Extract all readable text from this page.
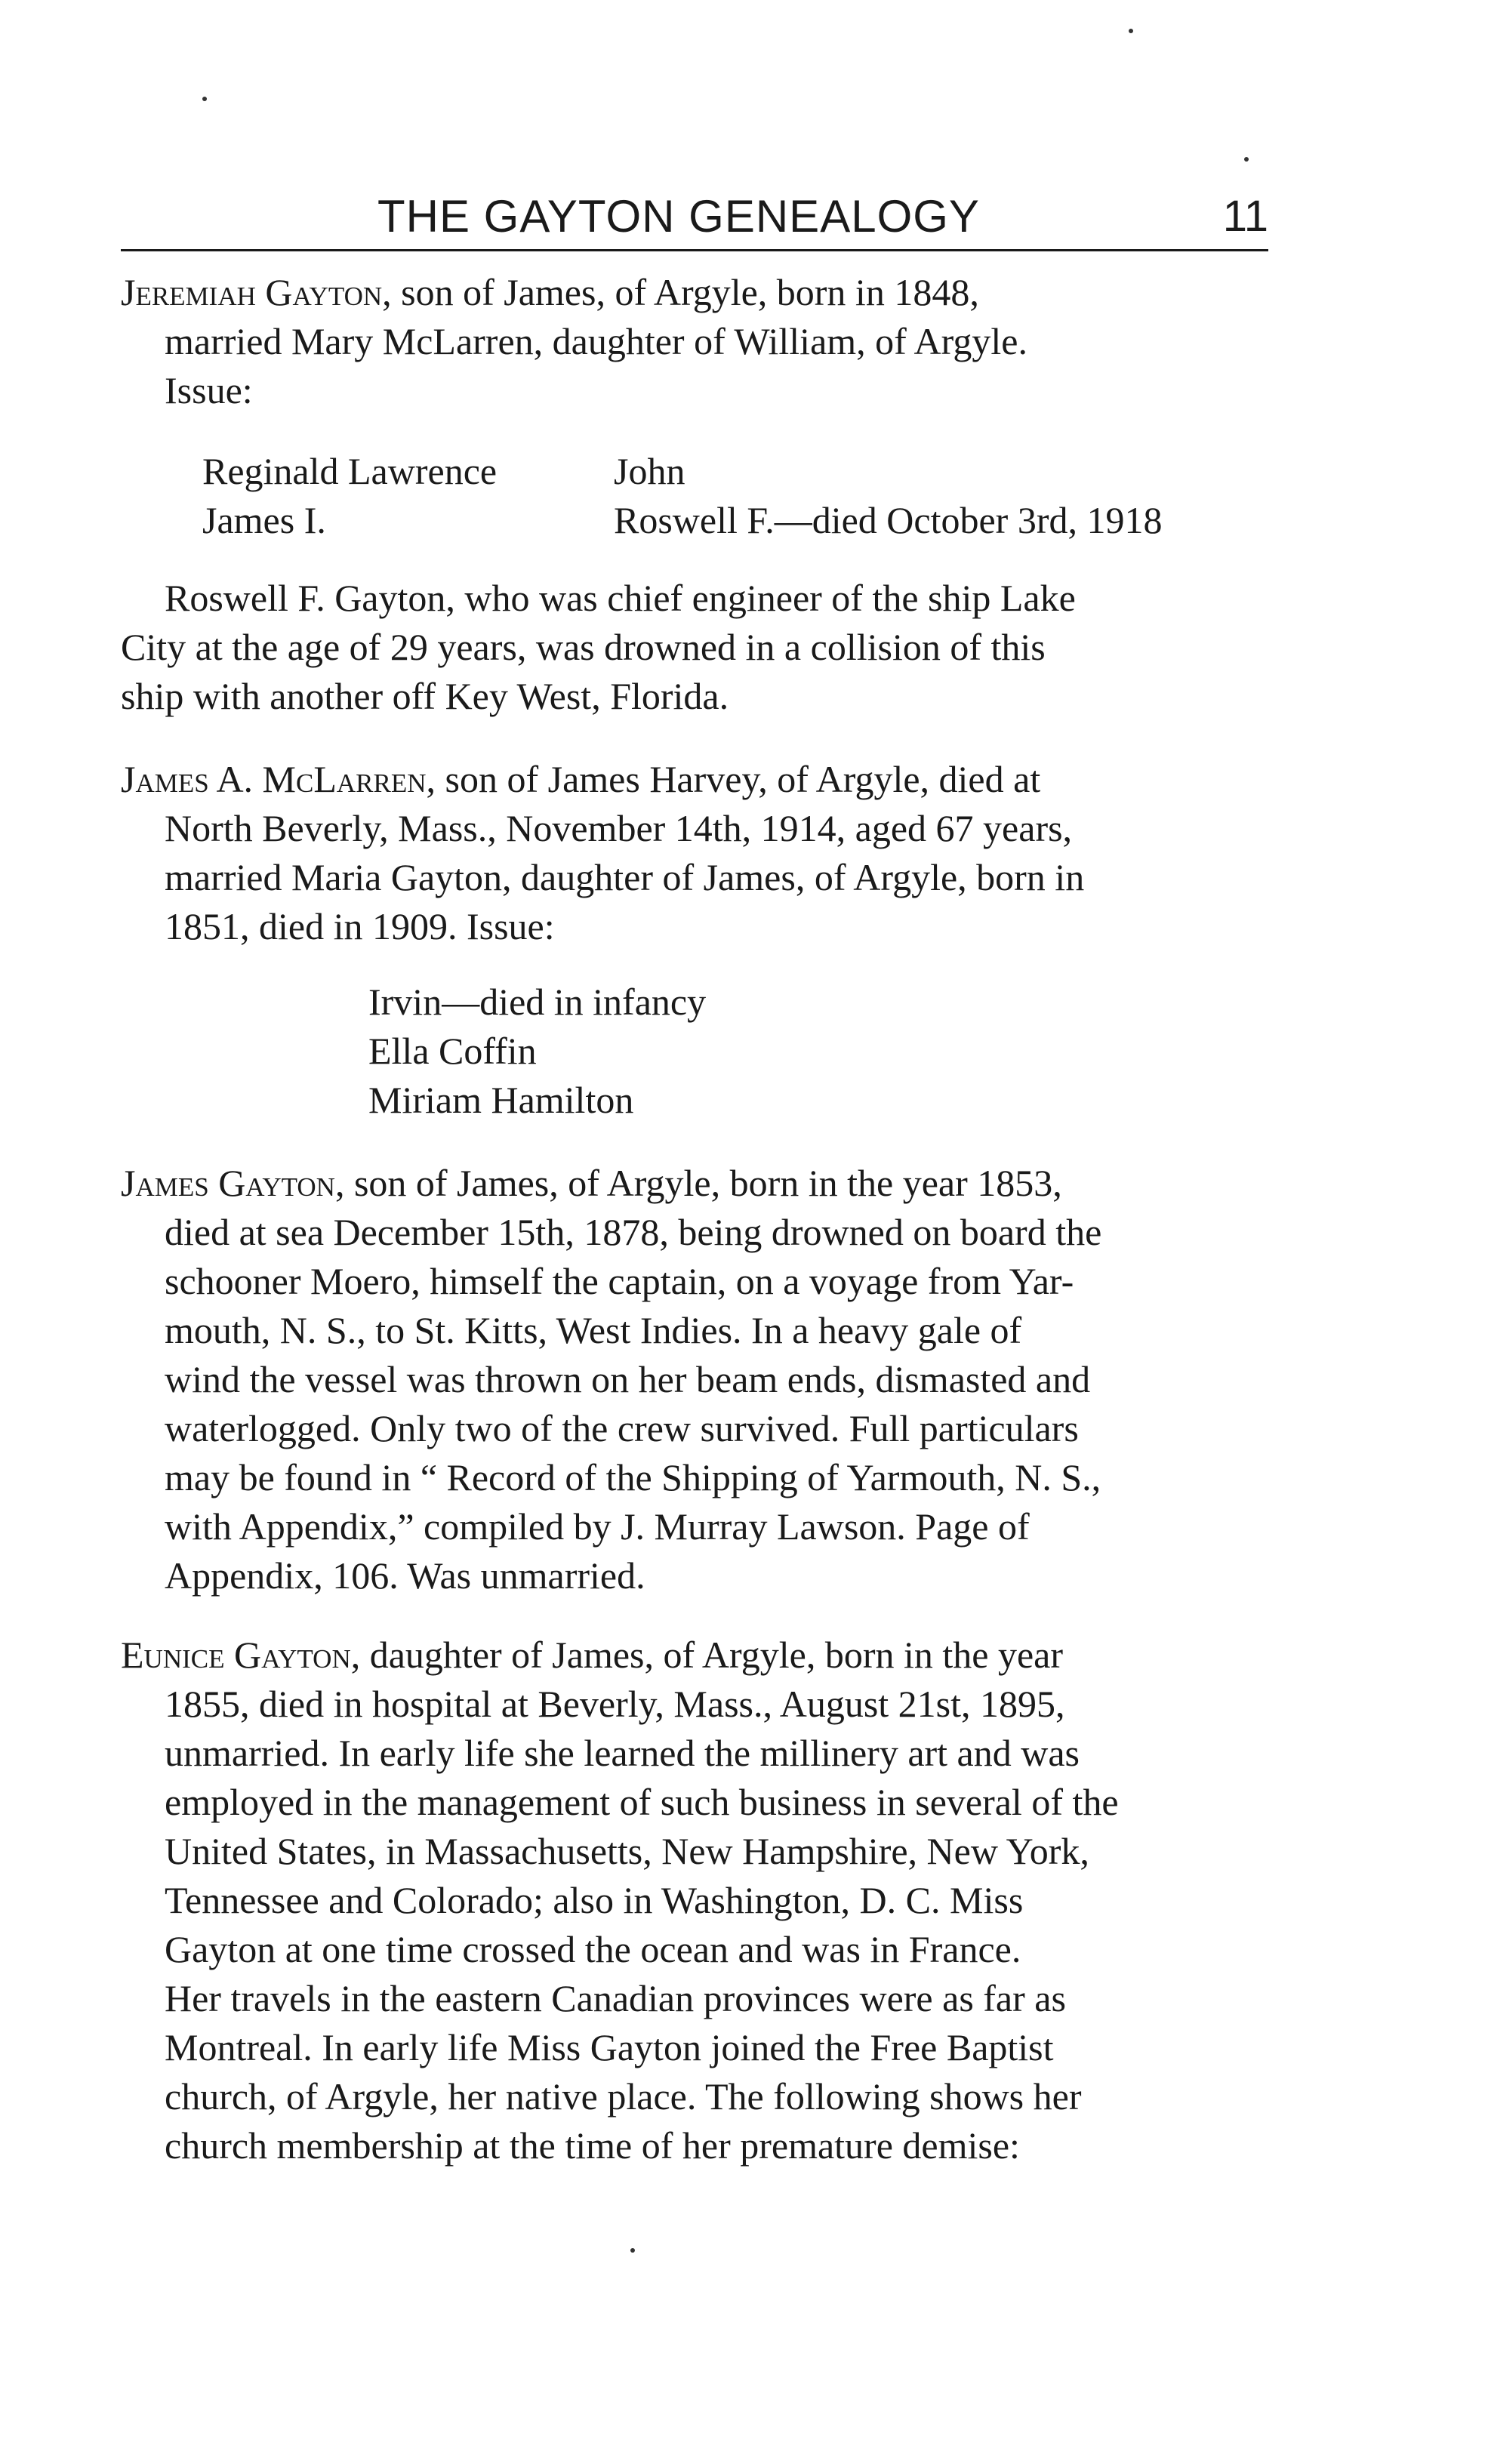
THE GAYTON GENEALOGY	11
Jeremiah Gayton, son of James, of Argyle, born in 1848,
married Mary McLarren, daughter of William, of Argyle.
Issue:
Reginald Lawrence	John
James I.	Roswell F.—died October 3rd, 1918
Roswell F. Gayton, who was chief engineer of the ship Lake
City at the age of 29 years, was drowned in a collision of this
ship with another off Key West, Florida.
James A. McLarren, son of James Harvey, of Argyle, died at
North Beverly, Mass., November 14th, 1914, aged 67 years,
married Maria Gayton, daughter of James, of Argyle, born in
1851, died in 1909. Issue:
Irvin—died in infancy
Ella Coffin
Miriam Hamilton
James Gayton, son of James, of Argyle, born in the year 1853,
died at sea December 15th, 1878, being drowned on board the
schooner Moero, himself the captain, on a voyage from Yar-
mouth, N. S., to St. Kitts, West Indies. In a heavy gale of
wind the vessel was thrown on her beam ends, dismasted and
waterlogged. Only two of the crew survived. Full particulars
may be found in “ Record of the Shipping of Yarmouth, N. S.,
with Appendix,” compiled by J. Murray Lawson. Page of
Appendix, 106. Was unmarried.
Eunice Gayton, daughter of James, of Argyle, born in the year
1855, died in hospital at Beverly, Mass., August 21st, 1895,
unmarried. In early life she learned the millinery art and was
employed in the management of such business in several of the
United States, in Massachusetts, New Hampshire, New York,
Tennessee and Colorado; also in Washington, D. C. Miss
Gayton at one time crossed the ocean and was in France.
Her travels in the eastern Canadian provinces were as far as
Montreal. In early life Miss Gayton joined the Free Baptist
church, of Argyle, her native place. The following shows her
church membership at the time of her premature demise:
